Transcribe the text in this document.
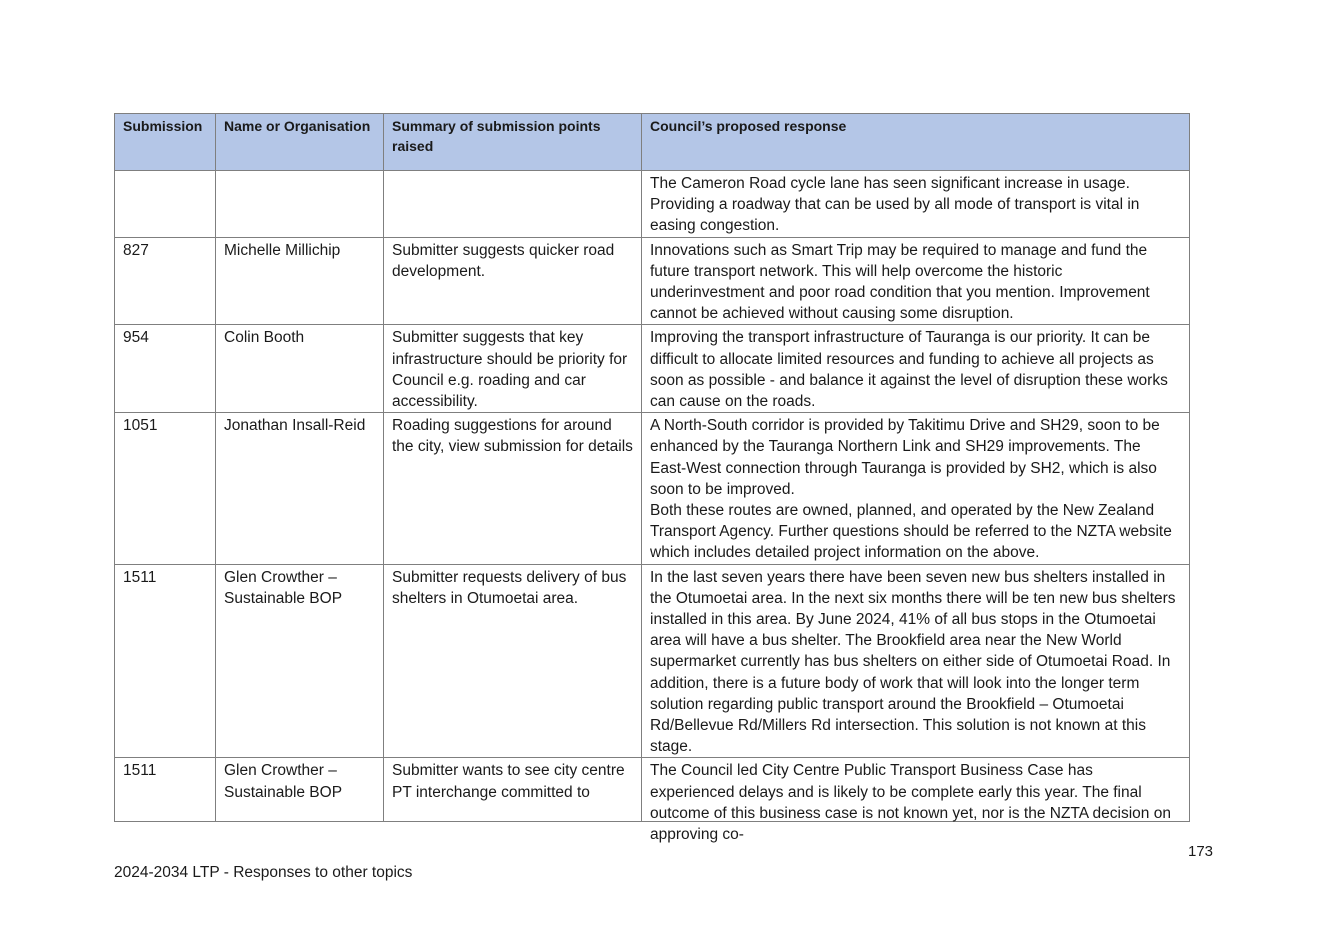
Submission	Name or Organisation	Summary of submission points raised	Council’s proposed response
			The Cameron Road cycle lane has seen significant increase in usage. Providing a roadway that can be used by all mode of transport is vital in easing congestion.
827	Michelle Millichip	Submitter suggests quicker road development.	Innovations such as Smart Trip may be required to manage and fund the future transport network. This will help overcome the historic underinvestment and poor road condition that you mention. Improvement cannot be achieved without causing some disruption.
954	Colin Booth	Submitter suggests that key infrastructure should be priority for Council e.g. roading and car accessibility.	Improving the transport infrastructure of Tauranga is our priority. It can be difficult to allocate limited resources and funding to achieve all projects as soon as possible - and balance it against the level of disruption these works can cause on the roads.
1051	Jonathan Insall-Reid	Roading suggestions for around the city, view submission for details	A North-South corridor is provided by Takitimu Drive and SH29, soon to be enhanced by the Tauranga Northern Link and SH29 improvements. The East-West connection through Tauranga is provided by SH2, which is also soon to be improved.
Both these routes are owned, planned, and operated by the New Zealand Transport Agency. Further questions should be referred to the NZTA website which includes detailed project information on the above.

1511	Glen Crowther – Sustainable BOP	Submitter requests delivery of bus shelters in Otumoetai area.	In the last seven years there have been seven new bus shelters installed in the Otumoetai area. In the next six months there will be ten new bus shelters installed in this area. By June 2024, 41% of all bus stops in the Otumoetai area will have a bus shelter. The Brookfield area near the New World supermarket currently has bus shelters on either side of Otumoetai Road. In addition, there is a future body of work that will look into the longer term solution regarding public transport around the Brookfield – Otumoetai Rd/Bellevue Rd/Millers Rd intersection. This solution is not known at this stage.

1511	Glen Crowther – Sustainable BOP	Submitter wants to see city centre PT interchange committed to	The Council led City Centre Public Transport Business Case has experienced delays and is likely to be complete early this year. The final outcome of this business case is not known yet, nor is the NZTA decision on approving co-
173
2024-2034 LTP - Responses to other topics
